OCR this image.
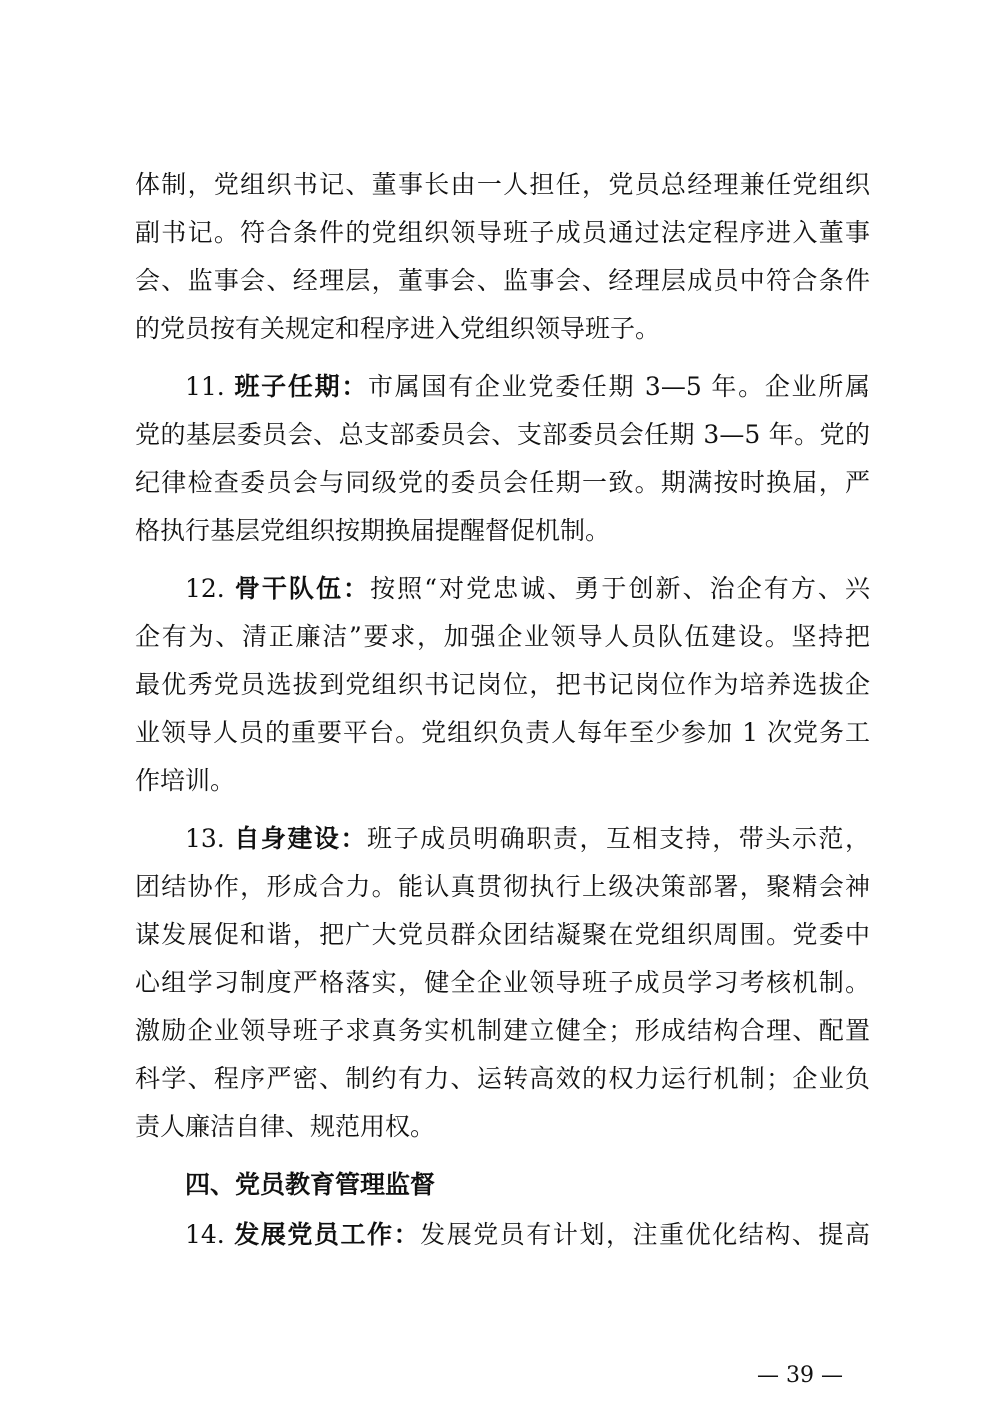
体制，党组织书记、董事长由一人担任，党员总经理兼任党组织
副书记。符合条件的党组织领导班子成员通过法定程序进入董事
会、监事会、经理层，董事会、监事会、经理层成员中符合条件
的党员按有关规定和程序进入党组织领导班子。
11. 班子任期：市属国有企业党委任期 3—5 年。企业所属
党的基层委员会、总支部委员会、支部委员会任期 3—5 年。党的
纪律检查委员会与同级党的委员会任期一致。期满按时换届，严
格执行基层党组织按期换届提醒督促机制。
12. 骨干队伍：按照“对党忠诚、勇于创新、治企有方、兴
企有为、清正廉洁”要求，加强企业领导人员队伍建设。坚持把
最优秀党员选拔到党组织书记岗位，把书记岗位作为培养选拔企
业领导人员的重要平台。党组织负责人每年至少参加 1 次党务工
作培训。
13. 自身建设：班子成员明确职责，互相支持，带头示范，
团结协作，形成合力。能认真贯彻执行上级决策部署，聚精会神
谋发展促和谐，把广大党员群众团结凝聚在党组织周围。党委中
心组学习制度严格落实，健全企业领导班子成员学习考核机制。
激励企业领导班子求真务实机制建立健全；形成结构合理、配置
科学、程序严密、制约有力、运转高效的权力运行机制；企业负
责人廉洁自律、规范用权。
四、党员教育管理监督
14. 发展党员工作：发展党员有计划，注重优化结构、提高
— 39 —
